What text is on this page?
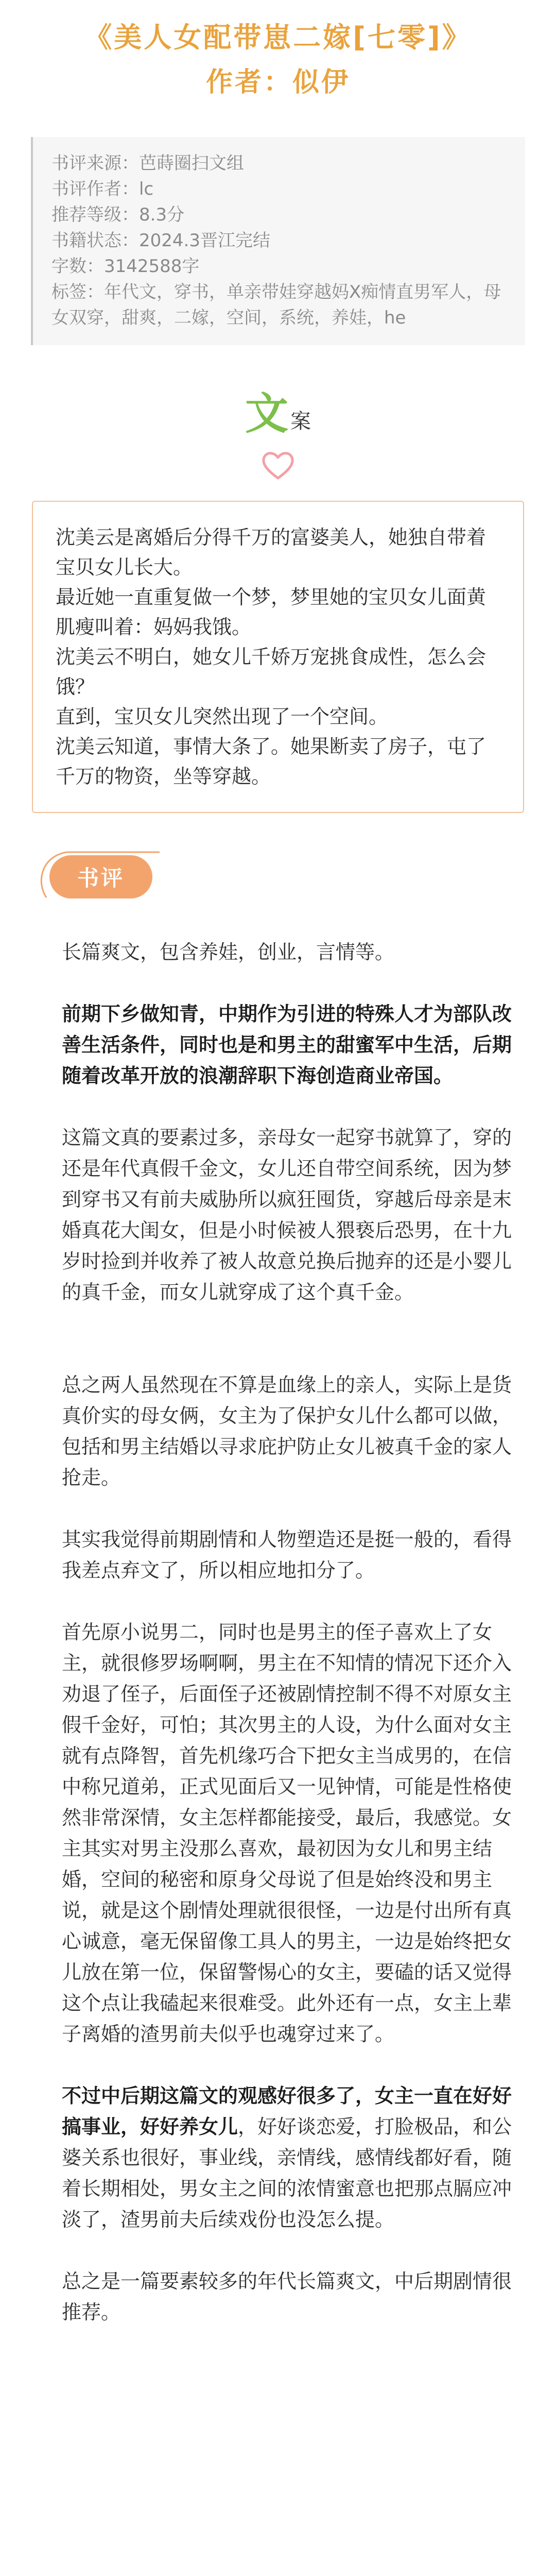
《美人女配带崽二嫁[七零]》
作者：似伊
书评来源：芭蒔圈扫文组
书评作者：lc
推荐等级：8.3分
书籍状态：2024.3晋江完结
字数：3142588字
标签：年代文，穿书，单亲带娃穿越妈X痴情直男军人，母女双穿，甜爽，二嫁，空间，系统，养娃，he
文 案

沈美云是离婚后分得千万的富婆美人，她独自带着宝贝女儿长大。

最近她一直重复做一个梦，梦里她的宝贝女儿面黄肌瘦叫着：妈妈我饿。

沈美云不明白，她女儿千娇万宠挑食成性，怎么会饿？

直到，宝贝女儿突然出现了一个空间。

沈美云知道，事情大条了。她果断卖了房子，屯了千万的物资，坐等穿越。

书评

长篇爽文，包含养娃，创业，言情等。

前期下乡做知青，中期作为引进的特殊人才为部队改善生活条件，同时也是和男主的甜蜜军中生活，后期随着改革开放的浪潮辞职下海创造商业帝国。

这篇文真的要素过多，亲母女一起穿书就算了，穿的还是年代真假千金文，女儿还自带空间系统，因为梦到穿书又有前夫威胁所以疯狂囤货，穿越后母亲是末婚真花大闺女，但是小时候被人猥亵后恐男，在十九岁时捡到并收养了被人故意兑换后抛弃的还是小婴儿的真千金，而女儿就穿成了这个真千金。

总之两人虽然现在不算是血缘上的亲人，实际上是货真价实的母女俩，女主为了保护女儿什么都可以做，包括和男主结婚以寻求庇护防止女儿被真千金的家人抢走。

其实我觉得前期剧情和人物塑造还是挺一般的，看得我差点弃文了，所以相应地扣分了。

首先原小说男二，同时也是男主的侄子喜欢上了女主，就很修罗场啊啊，男主在不知情的情况下还介入劝退了侄子，后面侄子还被剧情控制不得不对原女主假千金好，可怕；其次男主的人设，为什么面对女主就有点降智，首先机缘巧合下把女主当成男的，在信中称兄道弟，正式见面后又一见钟情，可能是性格使然非常深情，女主怎样都能接受，最后，我感觉。女主其实对男主没那么喜欢，最初因为女儿和男主结婚，空间的秘密和原身父母说了但是始终没和男主说，就是这个剧情处理就很很怪，一边是付出所有真心诚意，毫无保留像工具人的男主，一边是始终把女儿放在第一位，保留警惕心的女主，要磕的话又觉得这个点让我磕起来很难受。此外还有一点，女主上辈子离婚的渣男前夫似乎也魂穿过来了。

不过中后期这篇文的观感好很多了，女主一直在好好搞事业，好好养女儿，好好谈恋爱，打脸极品，和公婆关系也很好，事业线，亲情线，感情线都好看，随着长期相处，男女主之间的浓情蜜意也把那点膈应冲淡了，渣男前夫后续戏份也没怎么提。

总之是一篇要素较多的年代长篇爽文，中后期剧情很推荐。
